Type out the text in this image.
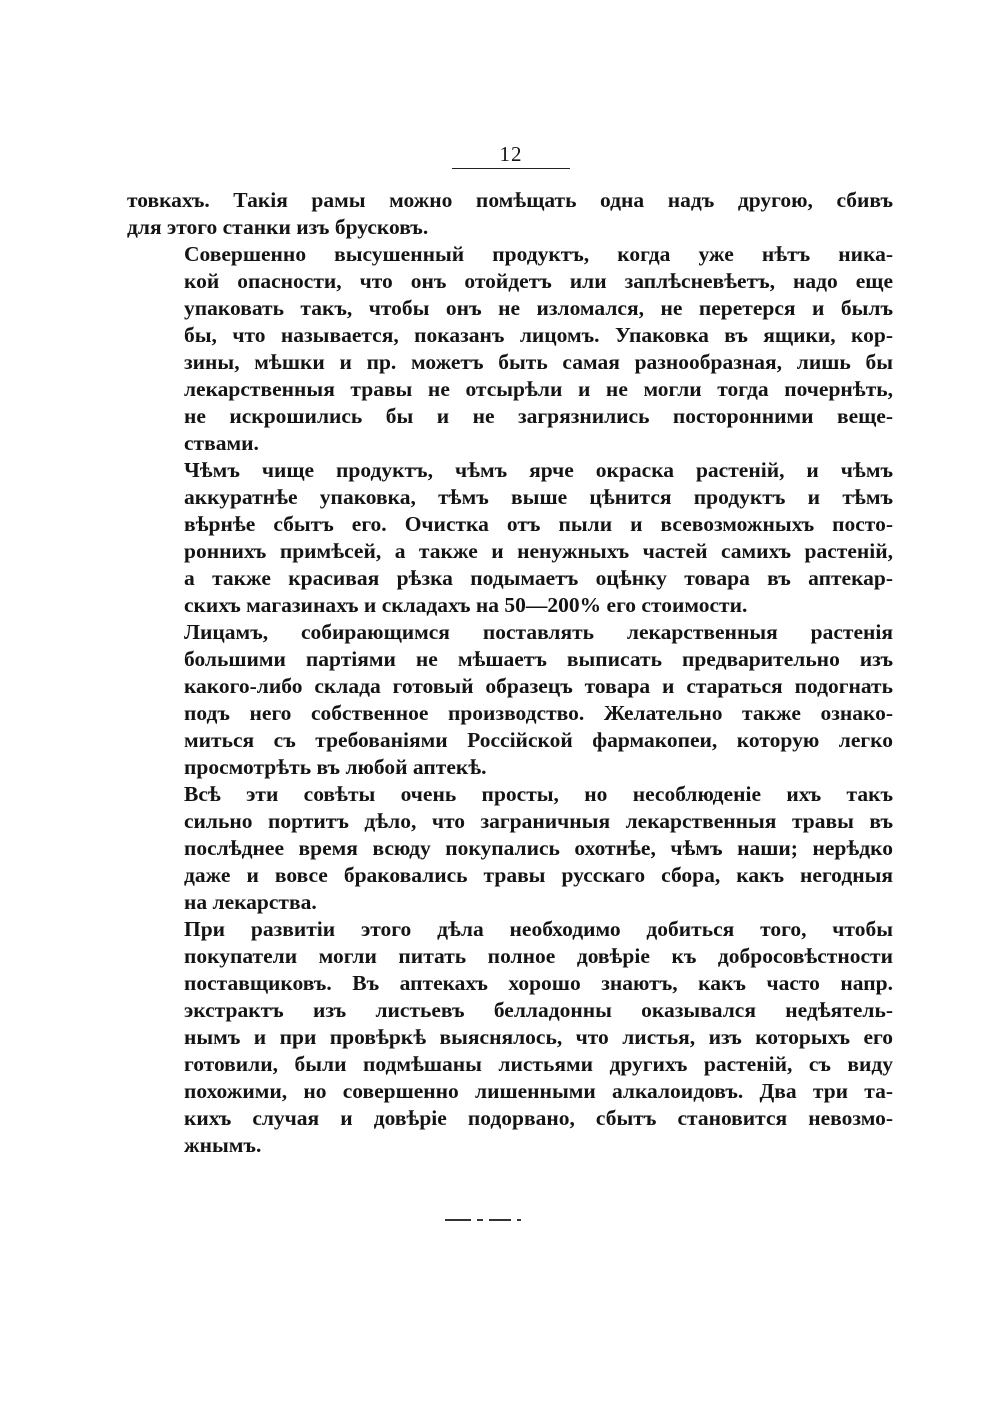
12
товкахъ. Такія рамы можно помѣщать одна надъ другою, сбивъ
для этого станки изъ брусковъ.
Совершенно высушенный продуктъ, когда уже нѣтъ ника-
кой опасности, что онъ отойдетъ или заплѣсневѣетъ, надо еще
упаковать такъ, чтобы онъ не изломался, не перетерся и былъ
бы, что называется, показанъ лицомъ. Упаковка въ ящики, кор-
зины, мѣшки и пр. можетъ быть самая разнообразная, лишь бы
лекарственныя травы не отсырѣли и не могли тогда почернѣть,
не искрошились бы и не загрязнились посторонними веще-
ствами.
Чѣмъ чище продуктъ, чѣмъ ярче окраска растеній, и чѣмъ
аккуратнѣе упаковка, тѣмъ выше цѣнится продуктъ и тѣмъ
вѣрнѣе сбытъ его. Очистка отъ пыли и всевозможныхъ посто-
роннихъ примѣсей, а также и ненужныхъ частей самихъ растеній,
а также красивая рѣзка подымаетъ оцѣнку товара въ аптекар-
скихъ магазинахъ и складахъ на 50—200% его стоимости.
Лицамъ, собирающимся поставлять лекарственныя растенія
большими партіями не мѣшаетъ выписать предварительно изъ
какого-либо склада готовый образецъ товара и стараться подогнать
подъ него собственное производство. Желательно также ознако-
миться съ требованіями Россійской фармакопеи, которую легко
просмотрѣть въ любой аптекѣ.
Всѣ эти совѣты очень просты, но несоблюденіе ихъ такъ
сильно портитъ дѣло, что заграничныя лекарственныя травы въ
послѣднее время всюду покупались охотнѣе, чѣмъ наши; нерѣдко
даже и вовсе браковались травы русскаго сбора, какъ негодныя
на лекарства.
При развитіи этого дѣла необходимо добиться того, чтобы
покупатели могли питать полное довѣріе къ добросовѣстности
поставщиковъ. Въ аптекахъ хорошо знаютъ, какъ часто напр.
экстрактъ изъ листьевъ белладонны оказывался недѣятель-
нымъ и при провѣркѣ выяснялось, что листья, изъ которыхъ его
готовили, были подмѣшаны листьями другихъ растеній, съ виду
похожими, но совершенно лишенными алкалоидовъ. Два три та-
кихъ случая и довѣріе подорвано, сбытъ становится невозмо-
жнымъ.
